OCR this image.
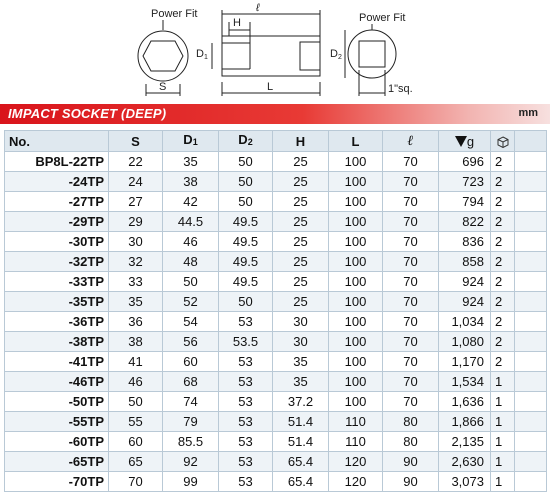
Power Fit	Power Fit
H
ℓ
D1	D2
S	L	1"sq.
IMPACT SOCKET (DEEP)	mm
No.	S	$D_1$	$D_2$	H	L	ℓ	g		
BP8L-22TP	22	35	50	25	100	70	696	2	
-24TP	24	38	50	25	100	70	723	2	
-27TP	27	42	50	25	100	70	794	2	
-29TP	29	44.5	49.5	25	100	70	822	2	
-30TP	30	46	49.5	25	100	70	836	2	
-32TP	32	48	49.5	25	100	70	858	2	
-33TP	33	50	49.5	25	100	70	924	2	
-35TP	35	52	50	25	100	70	924	2	
-36TP	36	54	53	30	100	70	1,034	2	
-38TP	38	56	53.5	30	100	70	1,080	2	
-41TP	41	60	53	35	100	70	1,170	2	
-46TP	46	68	53	35	100	70	1,534	1	
-50TP	50	74	53	37.2	100	70	1,636	1	
-55TP	55	79	53	51.4	110	80	1,866	1	
-60TP	60	85.5	53	51.4	110	80	2,135	1	
-65TP	65	92	53	65.4	120	90	2,630	1	
-70TP	70	99	53	65.4	120	90	3,073	1	
